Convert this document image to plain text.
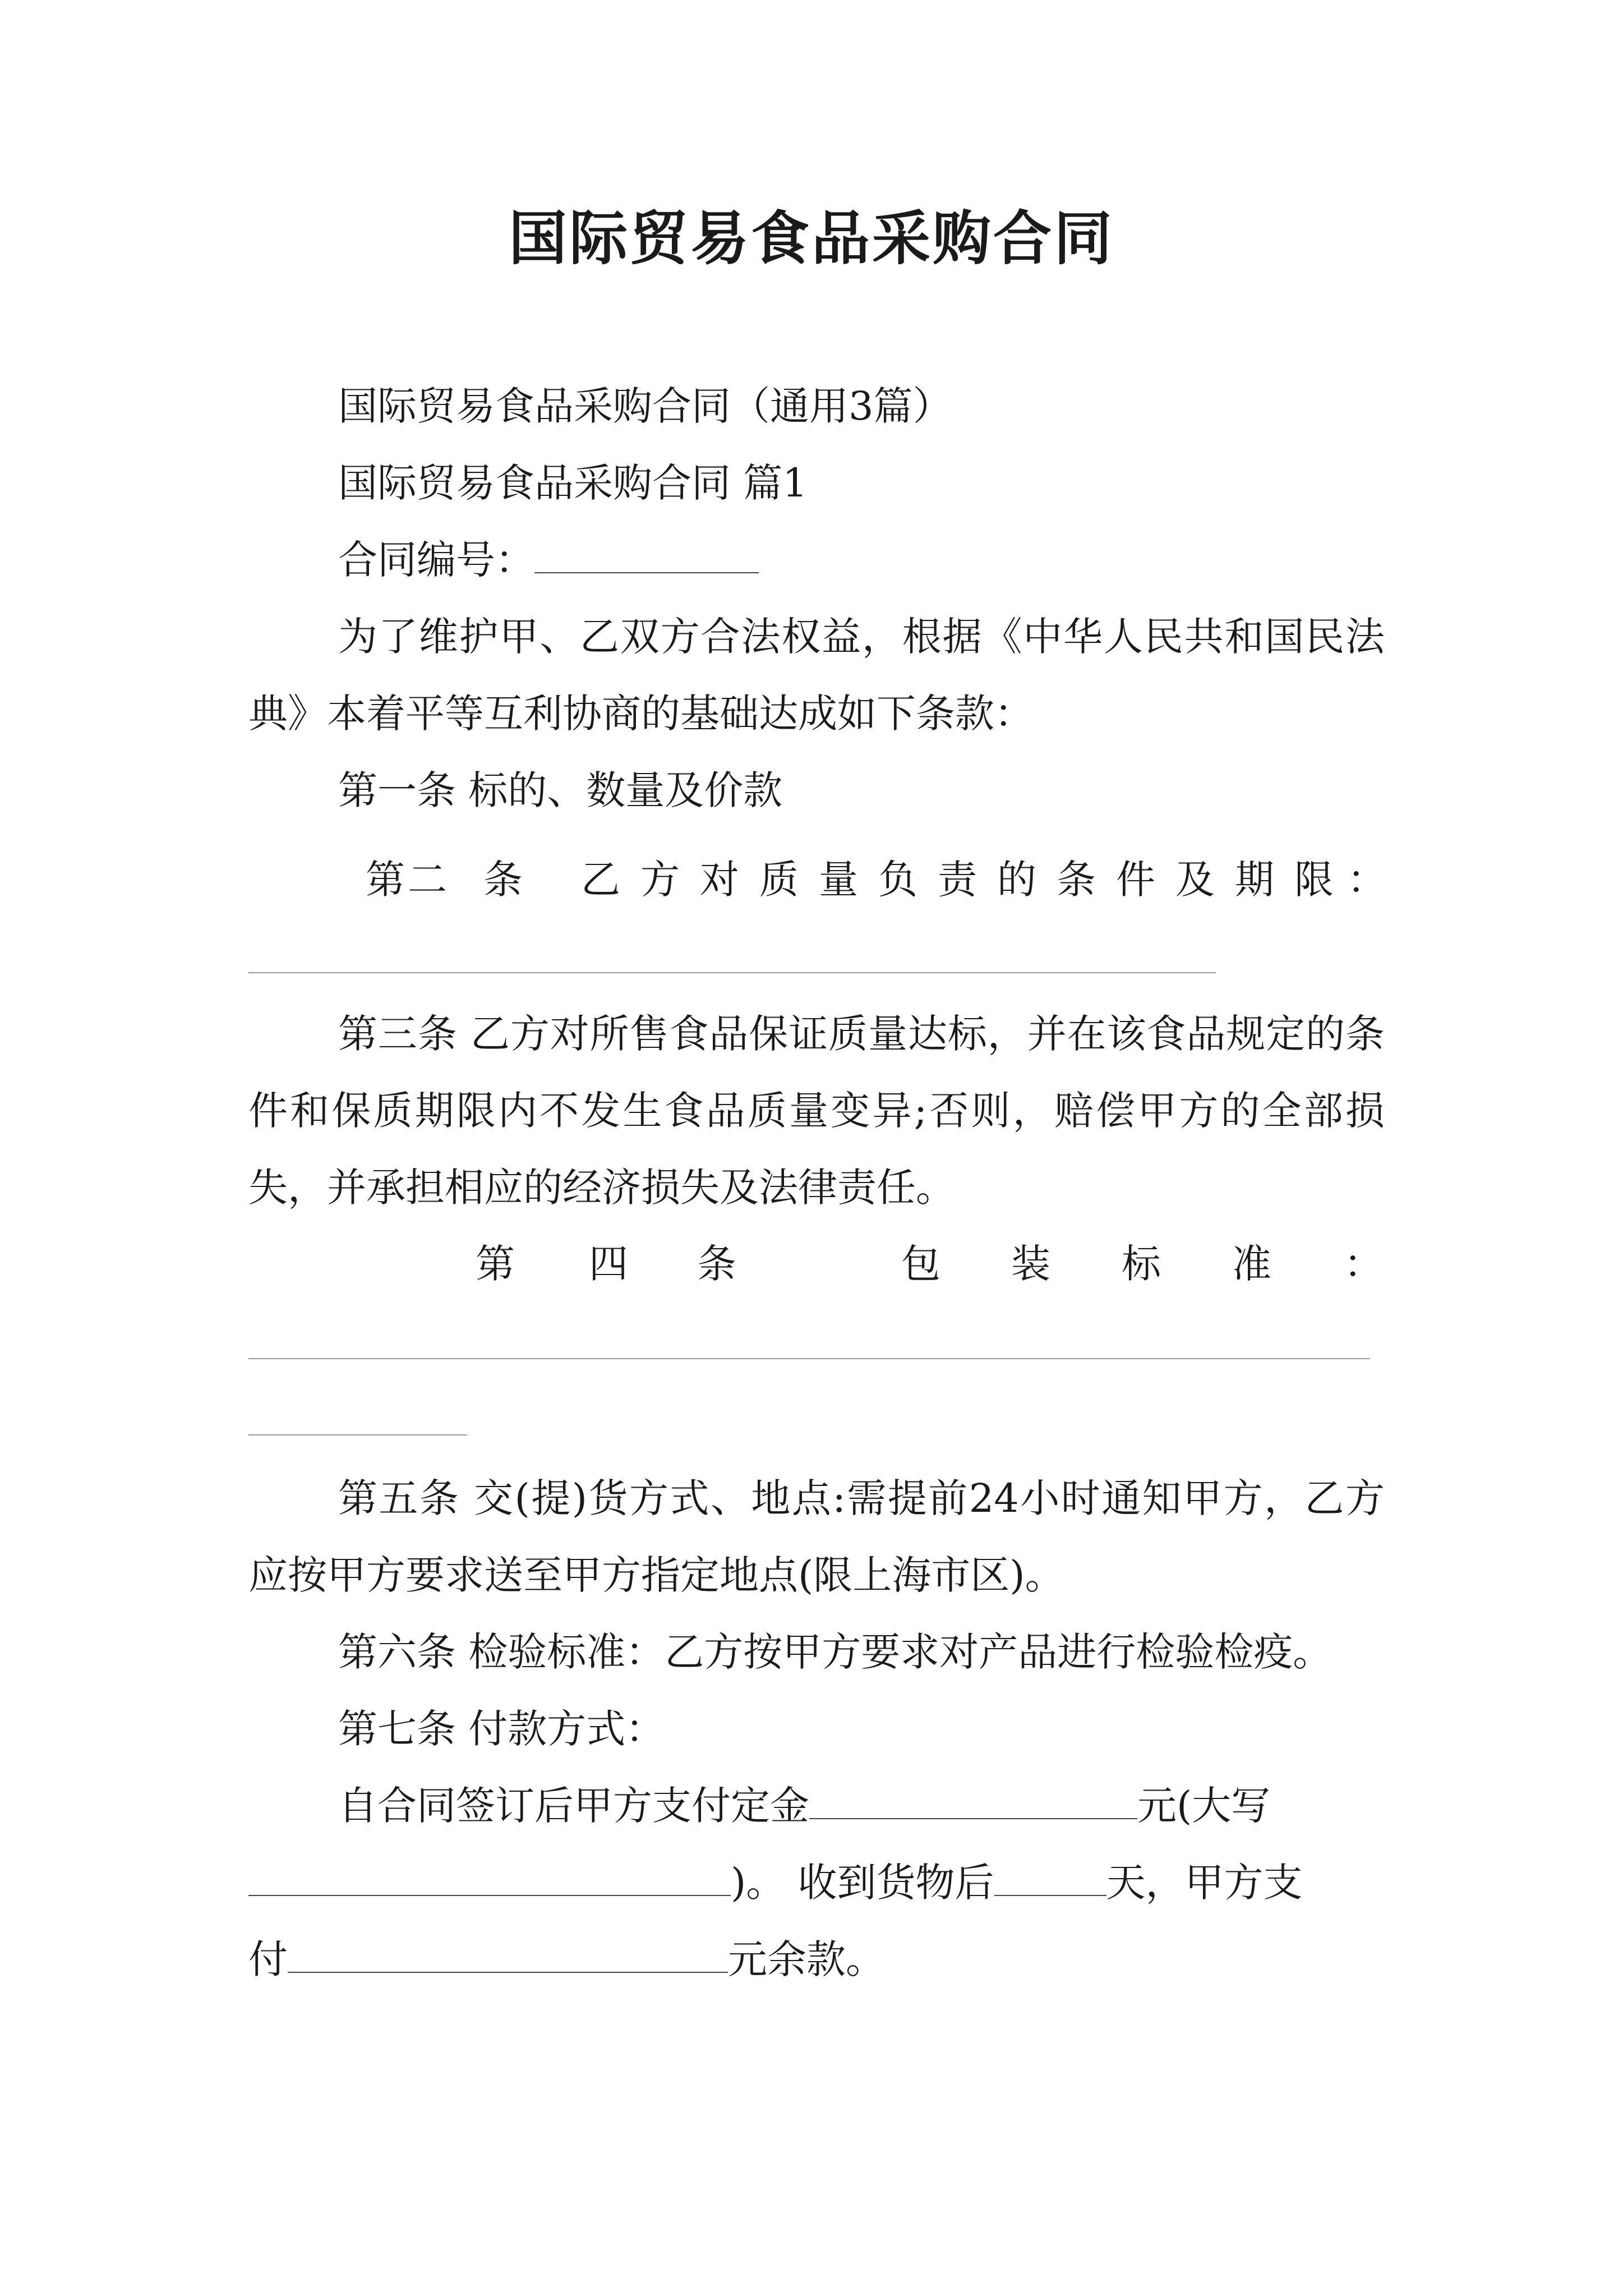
国际贸易食品采购合同

国际贸易食品采购合同（通用3篇）

国际贸易食品采购合同 篇1

合同编号：

为了维护甲、乙双方合法权益，根据《中华人民共和国民法典》本着平等互利协商的基础达成如下条款：

第一条 标的、数量及价款

第 二 条 乙 方 对 质 量 负 责 的 条 件 及 期 限 ：

第三条 乙方对所售食品保证质量达标，并在该食品规定的条件和保质期限内不发生食品质量变异;否则，赔偿甲方的全部损失，并承担相应的经济损失及法律责任。

第 四 条	包 装 标 准 ：

第五条 交(提)货方式、地点:需提前24小时通知甲方，乙方应按甲方要求送至甲方指定地点(限上海市区)。

第六条 检验标准：乙方按甲方要求对产品进行检验检疫。

第七条 付款方式：

自合同签订后甲方支付定金	元(大写

)。 收到货物后	天，甲方支

付	元余款。
